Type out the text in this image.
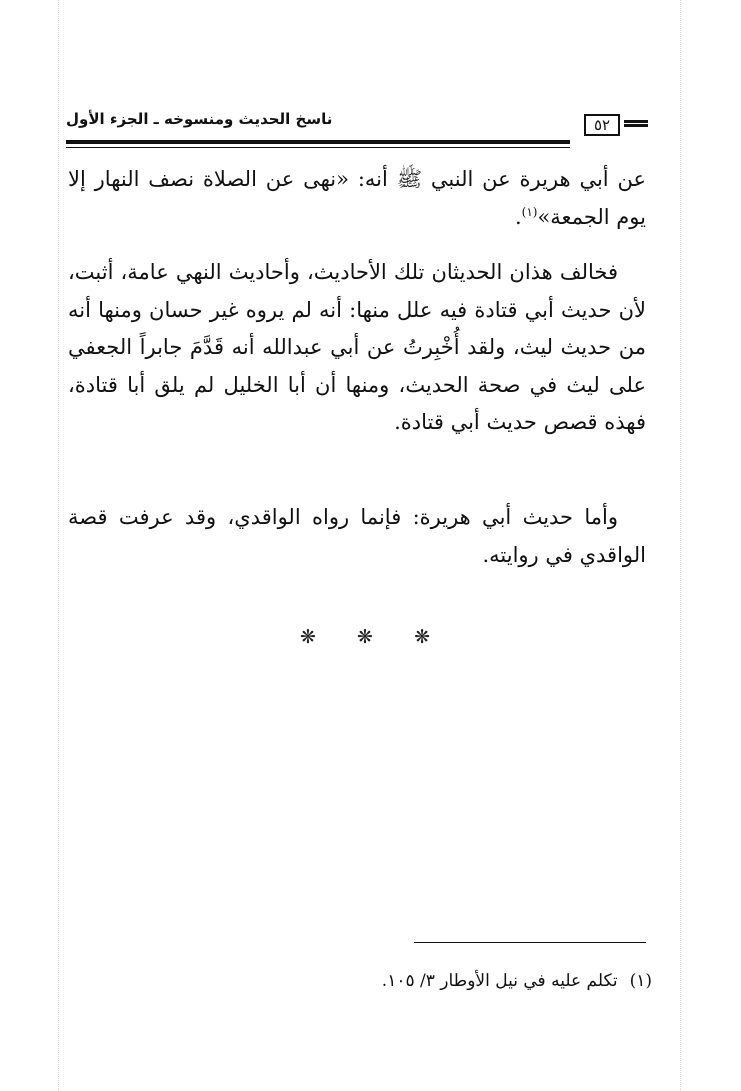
٥٢
ناسخ الحديث ومنسوخه ـ الجزء الأول
عن أبي هريرة عن النبي ﷺ أنه: «نهى عن الصلاة نصف النهار إلا يوم الجمعة»$^{(١)}$.
فخالف هذان الحديثان تلك الأحاديث، وأحاديث النهي عامة، أثبت، لأن حديث أبي قتادة فيه علل منها: أنه لم يروه غير حسان ومنها أنه من حديث ليث، ولقد أُخْبِرتُ عن أبي عبدالله أنه قَدَّمَ جابراً الجعفي على ليث في صحة الحديث، ومنها أن أبا الخليل لم يلق أبا قتادة، فهذه قصص حديث أبي قتادة.
وأما حديث أبي هريرة: فإنما رواه الواقدي، وقد عرفت قصة الواقدي في روايته.
❋ ❋ ❋
(١)تكلم عليه في نيل الأوطار ٣/ ١٠٥.
